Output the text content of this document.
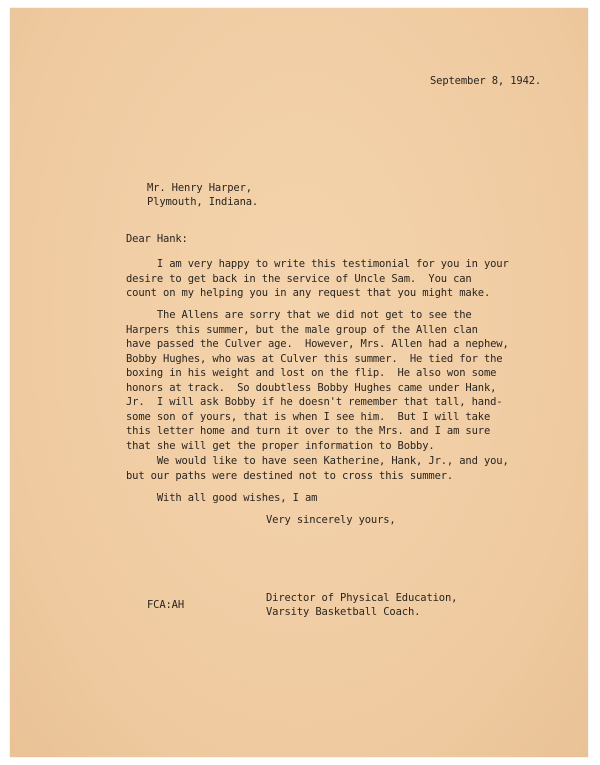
September 8, 1942.
Mr. Henry Harper,
Plymouth, Indiana.
Dear Hank:
I am very happy to write this testimonial for you in your
desire to get back in the service of Uncle Sam.  You can
count on my helping you in any request that you might make.
The Allens are sorry that we did not get to see the
Harpers this summer, but the male group of the Allen clan
have passed the Culver age.  However, Mrs. Allen had a nephew,
Bobby Hughes, who was at Culver this summer.  He tied for the
boxing in his weight and lost on the flip.  He also won some
honors at track.  So doubtless Bobby Hughes came under Hank,
Jr.  I will ask Bobby if he doesn't remember that tall, hand-
some son of yours, that is when I see him.  But I will take
this letter home and turn it over to the Mrs. and I am sure
that she will get the proper information to Bobby.
We would like to have seen Katherine, Hank, Jr., and you,
but our paths were destined not to cross this summer.
With all good wishes, I am
Very sincerely yours,
FCA:AH
Director of Physical Education,
Varsity Basketball Coach.
